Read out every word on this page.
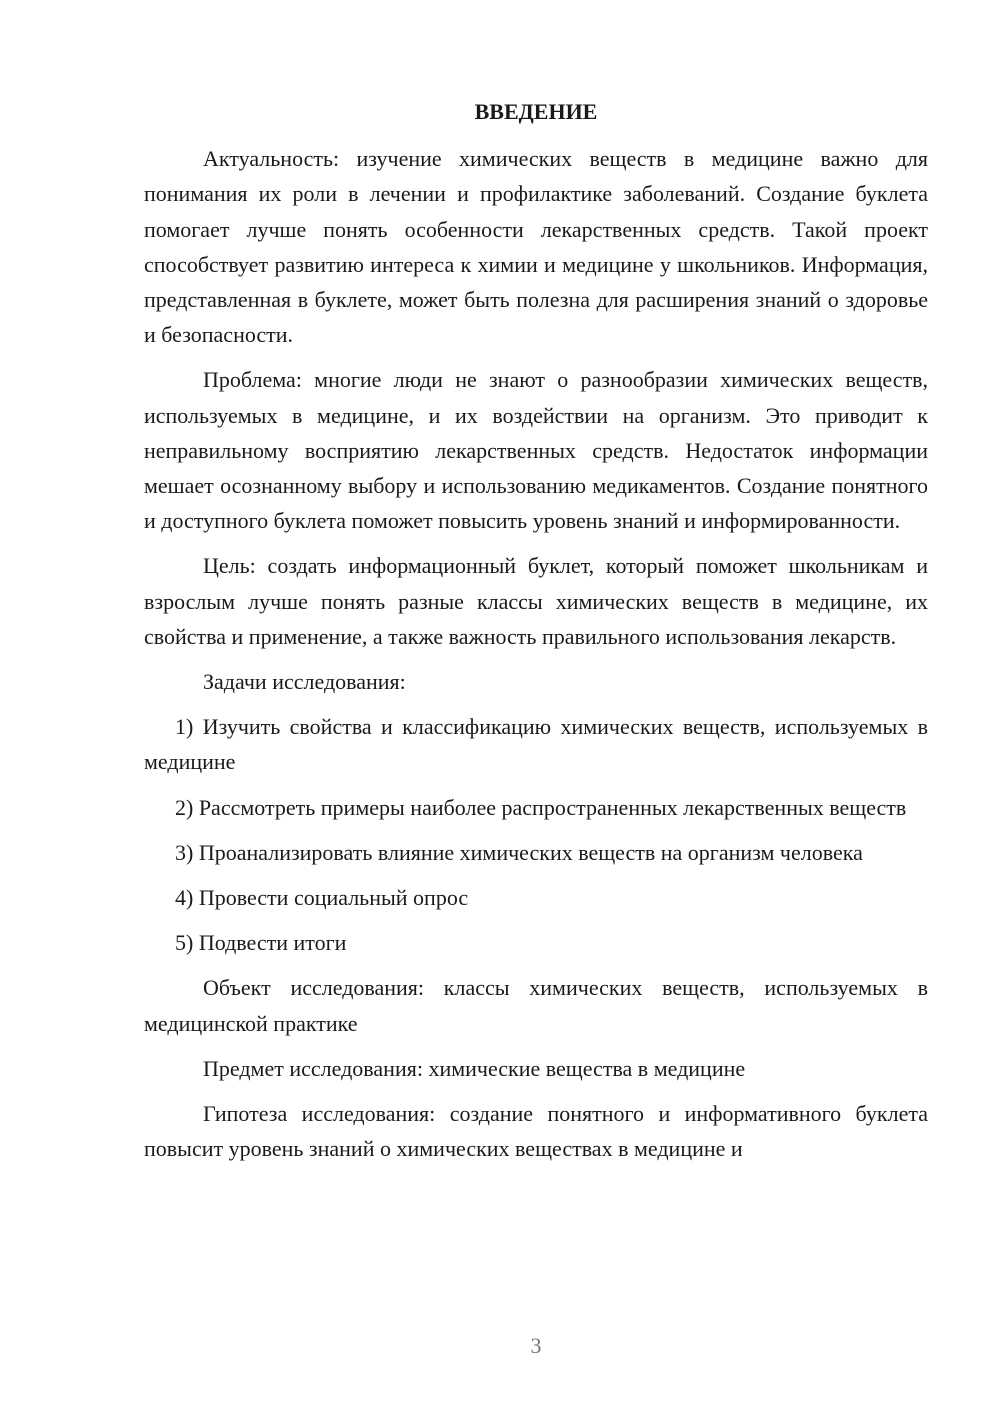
ВВЕДЕНИЕ

Актуальность: изучение химических веществ в медицине важно для понимания их роли в лечении и профилактике заболеваний. Создание буклета помогает лучше понять особенности лекарственных средств. Такой проект способствует развитию интереса к химии и медицине у школьников. Информация, представленная в буклете, может быть полезна для расширения знаний о здоровье и безопасности.

Проблема: многие люди не знают о разнообразии химических веществ, используемых в медицине, и их воздействии на организм. Это приводит к неправильному восприятию лекарственных средств. Недостаток информации мешает осознанному выбору и использованию медикаментов. Создание понятного и доступного буклета поможет повысить уровень знаний и информированности.

Цель: создать информационный буклет, который поможет школьникам и взрослым лучше понять разные классы химических веществ в медицине, их свойства и применение, а также важность правильного использования лекарств.

Задачи исследования:

1) Изучить свойства и классификацию химических веществ, используемых в медицине

2) Рассмотреть примеры наиболее распространенных лекарственных веществ

3) Проанализировать влияние химических веществ на организм человека

4) Провести социальный опрос

5) Подвести итоги

Объект исследования: классы химических веществ, используемых в медицинской практике

Предмет исследования: химические вещества в медицине

Гипотеза исследования: создание понятного и информативного буклета повысит уровень знаний о химических веществах в медицине и

3
